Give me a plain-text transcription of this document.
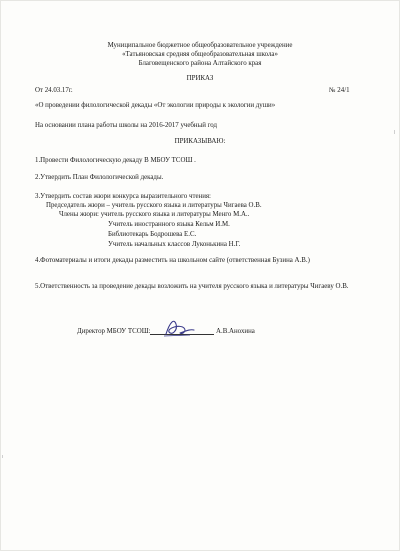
Муниципальное бюджетное общеобразовательное учреждение
«Татьяновская средняя общеобразовательная школа»
Благовещенского района Алтайского края
ПРИКАЗ
От 24.03.17г.	№ 24/1
«О проведении филологической декады «От экологии природы к экологии души»
На основании плана работы школы на 2016-2017 учебный год
ПРИКАЗЫВАЮ:
1.Провести Филологическую декаду В МБОУ ТСОШ .
2.Утвердить План Филологической декады.
3.Утвердить состав жюри конкурса выразительного чтения:
Председатель жюри – учитель русского языка и литературы Чигаева О.В.
Члены жюри: учитель русского языка и литературы Менго М.А..
Учитель иностранного языка Кельм И.М.
Библиотекарь Бодрошева Е.С.
Учитель начальных классов Луконькина Н.Г.
4.Фотоматериалы и итоги декады разместить на школьном сайте (ответственная Бузина А.В.)
5.Ответственность за проведение декады возложить на учителя русского языка и литературы Чигаеву О.В.
Директор МБОУ ТСОШ:	А.В.Анохина
